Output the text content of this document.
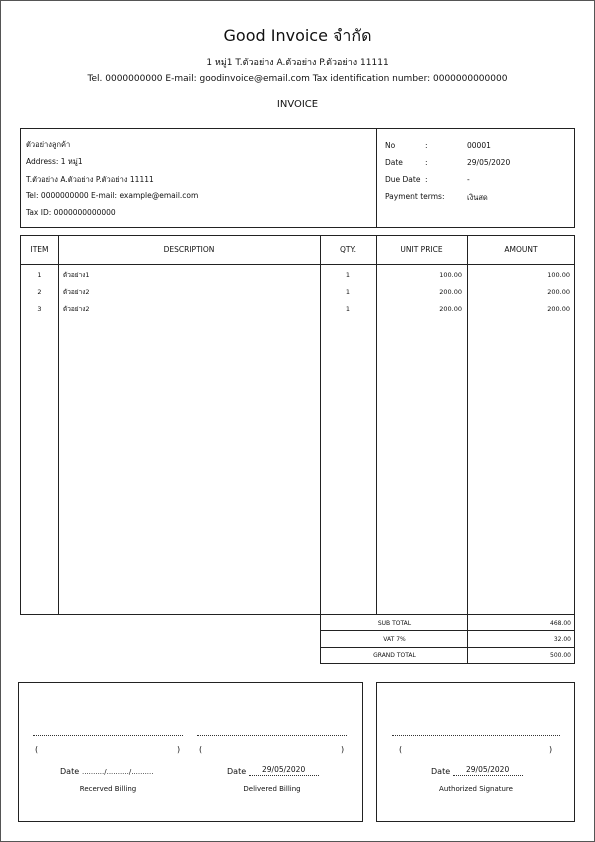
Good Invoice จำกัด
1 หมู่1 T.ตัวอย่าง A.ตัวอย่าง P.ตัวอย่าง 11111
Tel. 0000000000 E-mail: goodinvoice@email.com Tax identification number: 0000000000000
INVOICE
ตัวอย่างลูกค้า
Address: 1 หมู่1
T.ตัวอย่าง A.ตัวอย่าง P.ตัวอย่าง 11111
Tel: 0000000000 E-mail: example@email.com
Tax ID: 0000000000000
No	:	00001
Date	:	29/05/2020
Due Date :	-
Payment terms:	เงินสด
ITEM	DESCRIPTION	QTY.	UNIT PRICE	AMOUNT
1	ตัวอย่าง1	1	100.00	100.00
2	ตัวอย่าง2	1	200.00	200.00
3	ตัวอย่าง2	1	200.00	200.00
SUB TOTAL	468.00
VAT 7%	32.00
GRAND TOTAL	500.00
(	)
Date ........../........../..........
Recerved Billing
(	)
Date 29/05/2020
Delivered Billing
(	)
Date 29/05/2020
Authorized Signature
